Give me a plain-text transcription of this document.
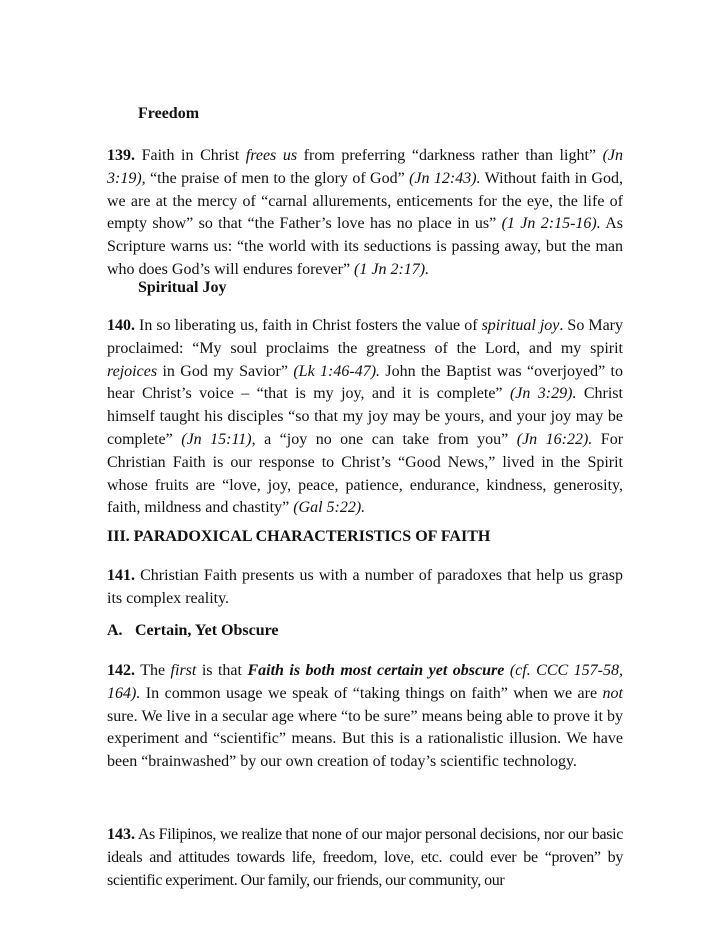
Freedom

139. Faith in Christ frees us from preferring “darkness rather than light” (Jn 3:19), “the praise of men to the glory of God” (Jn 12:43). Without faith in God, we are at the mercy of “carnal allurements, enticements for the eye, the life of empty show” so that “the Father’s love has no place in us” (1 Jn 2:15-16). As Scripture warns us: “the world with its seductions is passing away, but the man who does God’s will endures forever” (1 Jn 2:17).

Spiritual Joy

140. In so liberating us, faith in Christ fosters the value of spiritual joy. So Mary proclaimed: “My soul proclaims the greatness of the Lord, and my spirit rejoices in God my Savior” (Lk 1:46-47). John the Baptist was “overjoyed” to hear Christ’s voice – “that is my joy, and it is complete” (Jn 3:29). Christ himself taught his disciples “so that my joy may be yours, and your joy may be complete” (Jn 15:11), a “joy no one can take from you” (Jn 16:22). For Christian Faith is our response to Christ’s “Good News,” lived in the Spirit whose fruits are “love, joy, peace, patience, endurance, kindness, generosity, faith, mildness and chastity” (Gal 5:22).

III. PARADOXICAL CHARACTERISTICS OF FAITH

141. Christian Faith presents us with a number of paradoxes that help us grasp its complex reality.

A. Certain, Yet Obscure

142. The first is that Faith is both most certain yet obscure (cf. CCC 157-58, 164). In common usage we speak of “taking things on faith” when we are not sure. We live in a secular age where “to be sure” means being able to prove it by experiment and “scientific” means. But this is a rationalistic illusion. We have been “brainwashed” by our own creation of today’s scientific technology.

143. As Filipinos, we realize that none of our major personal decisions, nor our basic ideals and attitudes towards life, freedom, love, etc. could ever be “proven” by scientific experiment. Our family, our friends, our community, our
